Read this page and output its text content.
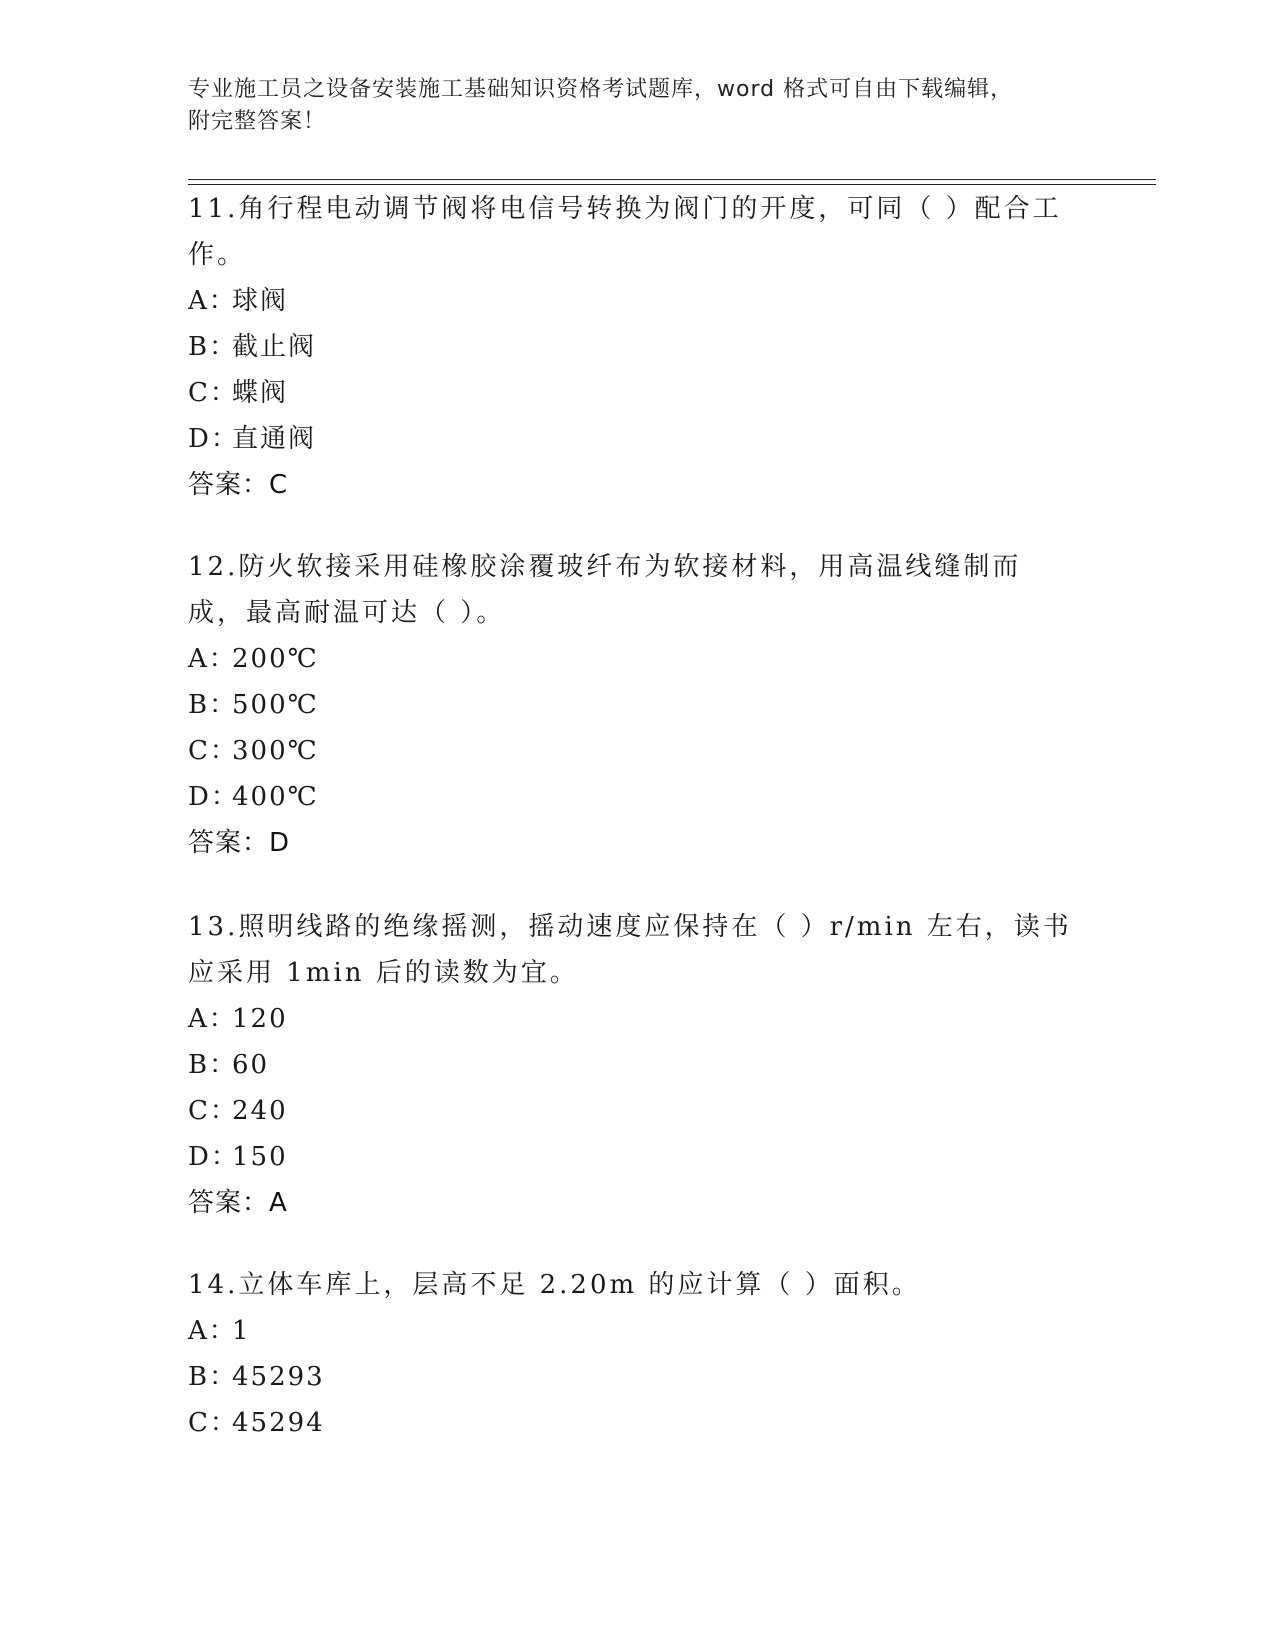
专业施工员之设备安装施工基础知识资格考试题库，word 格式可自由下载编辑，
附完整答案！

11.角行程电动调节阀将电信号转换为阀门的开度，可同（ ）配合工作。

A：球阀
B：截止阀
C：蝶阀
D：直通阀
答案：C

12.防火软接采用硅橡胶涂覆玻纤布为软接材料，用高温线缝制而成，最高耐温可达（ ）。

A：200℃
B：500℃
C：300℃
D：400℃
答案：D

13.照明线路的绝缘摇测，摇动速度应保持在（ ）r/min 左右，读书应采用 1min 后的读数为宜。

A：120
B：60
C：240
D：150
答案：A

14.立体车库上，层高不足 2.20m 的应计算（ ）面积。

A：1
B：45293
C：45294
